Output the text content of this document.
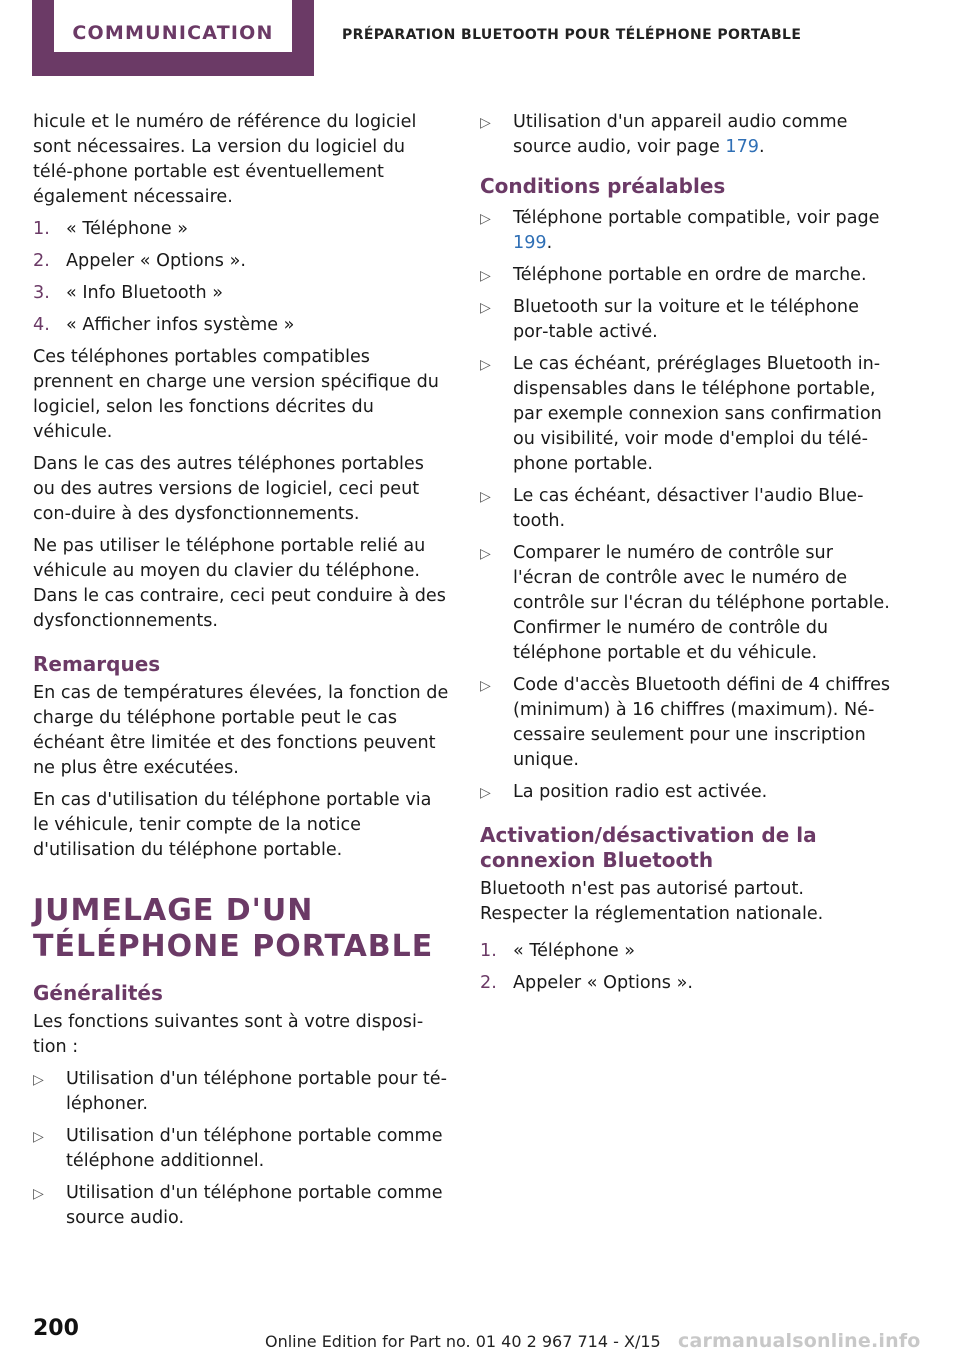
COMMUNICATION	PRÉPARATION BLUETOOTH POUR TÉLÉPHONE PORTABLE

hicule et le numéro de référence du logiciel sont nécessaires. La version du logiciel du télé‐phone portable est éventuellement également nécessaire.

1. « Téléphone »
2. Appeler « Options ».
3. « Info Bluetooth »
4. « Afficher infos système »

Ces téléphones portables compatibles prennent en charge une version spécifique du logiciel, selon les fonctions décrites du véhicule.

Dans le cas des autres téléphones portables ou des autres versions de logiciel, ceci peut con‐duire à des dysfonctionnements.

Ne pas utiliser le téléphone portable relié au véhicule au moyen du clavier du téléphone. Dans le cas contraire, ceci peut conduire à des dysfonctionnements.

Remarques

En cas de températures élevées, la fonction de charge du téléphone portable peut le cas échéant être limitée et des fonctions peuvent ne plus être exécutées.

En cas d'utilisation du téléphone portable via le véhicule, tenir compte de la notice d'utilisation du téléphone portable.

JUMELAGE D'UN TÉLÉPHONE PORTABLE
Généralités

Les fonctions suivantes sont à votre disposi‐tion :

▷ Utilisation d'un téléphone portable pour té‐léphoner.
▷ Utilisation d'un téléphone portable comme téléphone additionnel.
▷ Utilisation d'un téléphone portable comme source audio.
▷ Utilisation d'un appareil audio comme source audio, voir page 179.
Conditions préalables
▷ Téléphone portable compatible, voir page 199.
▷ Téléphone portable en ordre de marche.
▷ Bluetooth sur la voiture et le téléphone por‐table activé.
▷ Le cas échéant, préréglages Bluetooth in‐dispensables dans le téléphone portable, par exemple connexion sans confirmation ou visibilité, voir mode d'emploi du télé‐phone portable.
▷ Le cas échéant, désactiver l'audio Blue‐tooth.
▷ Comparer le numéro de contrôle sur l'écran de contrôle avec le numéro de contrôle sur l'écran du téléphone portable. Confirmer le numéro de contrôle du téléphone portable et du véhicule.
▷ Code d'accès Bluetooth défini de 4 chiffres (minimum) à 16 chiffres (maximum). Né‐cessaire seulement pour une inscription unique.
▷ La position radio est activée.
Activation/désactivation de la connexion Bluetooth

Bluetooth n'est pas autorisé partout. Respecter la réglementation nationale.

1. « Téléphone »
2. Appeler « Options ».
200
Online Edition for Part no. 01 40 2 967 714 - X/15 carmanualsonline.info
